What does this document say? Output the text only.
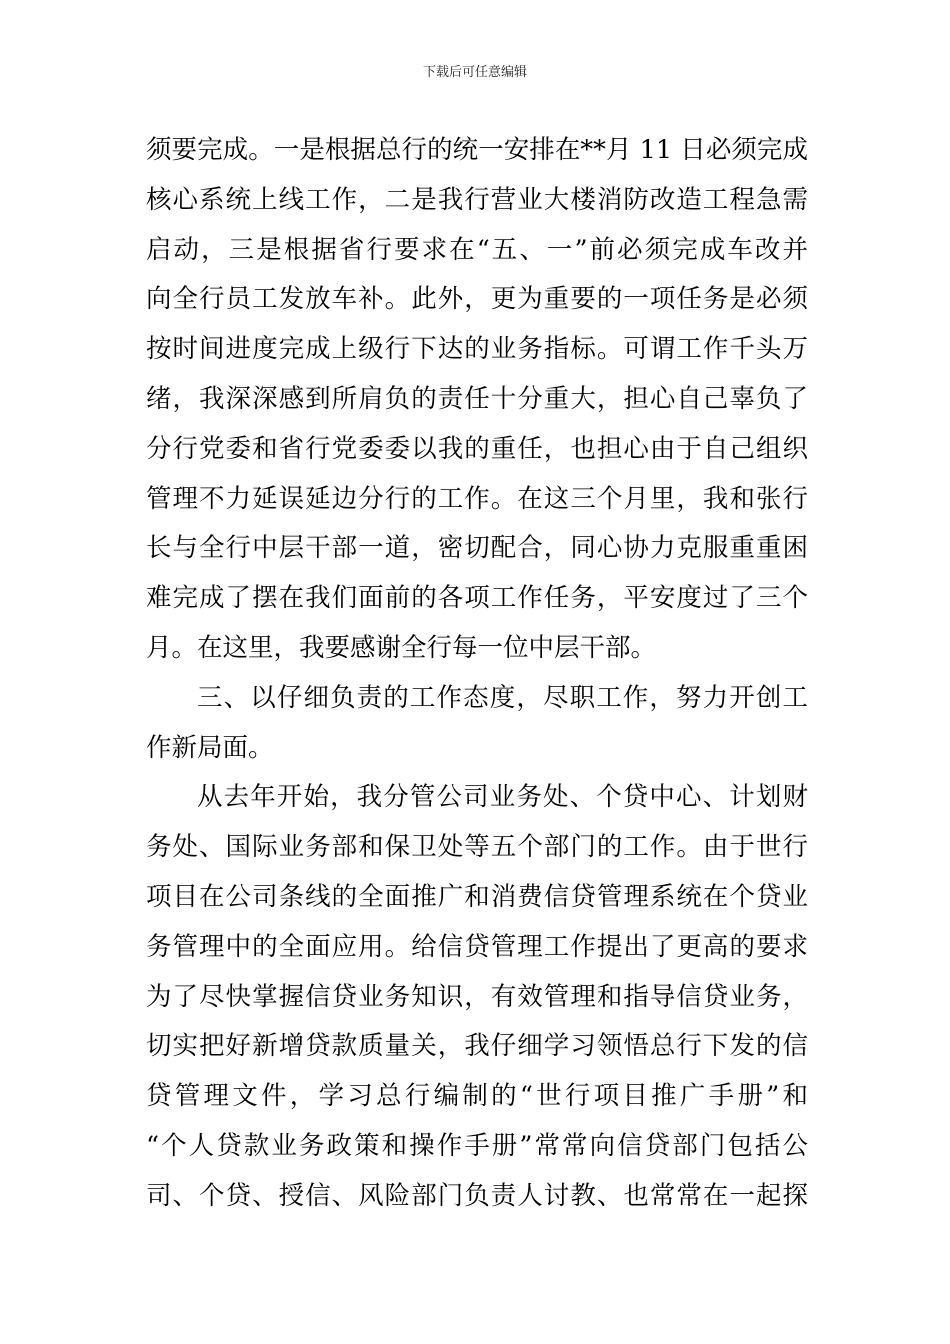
下载后可任意编辑
须要完成。一是根据总行的统一安排在**月 11 日必须完成
核心系统上线工作，二是我行营业大楼消防改造工程急需
启动，三是根据省行要求在“五、一”前必须完成车改并
向全行员工发放车补。此外，更为重要的一项任务是必须
按时间进度完成上级行下达的业务指标。可谓工作千头万
绪，我深深感到所肩负的责任十分重大，担心自己辜负了
分行党委和省行党委委以我的重任，也担心由于自己组织
管理不力延误延边分行的工作。在这三个月里，我和张行
长与全行中层干部一道，密切配合，同心协力克服重重困
难完成了摆在我们面前的各项工作任务，平安度过了三个
月。在这里，我要感谢全行每一位中层干部。
三、以仔细负责的工作态度，尽职工作，努力开创工
作新局面。
从去年开始，我分管公司业务处、个贷中心、计划财
务处、国际业务部和保卫处等五个部门的工作。由于世行
项目在公司条线的全面推广和消费信贷管理系统在个贷业
务管理中的全面应用。给信贷管理工作提出了更高的要求
为了尽快掌握信贷业务知识，有效管理和指导信贷业务，
切实把好新增贷款质量关，我仔细学习领悟总行下发的信
贷管理文件，学习总行编制的“世行项目推广手册”和
“个人贷款业务政策和操作手册”常常向信贷部门包括公
司、个贷、授信、风险部门负责人讨教、也常常在一起探
